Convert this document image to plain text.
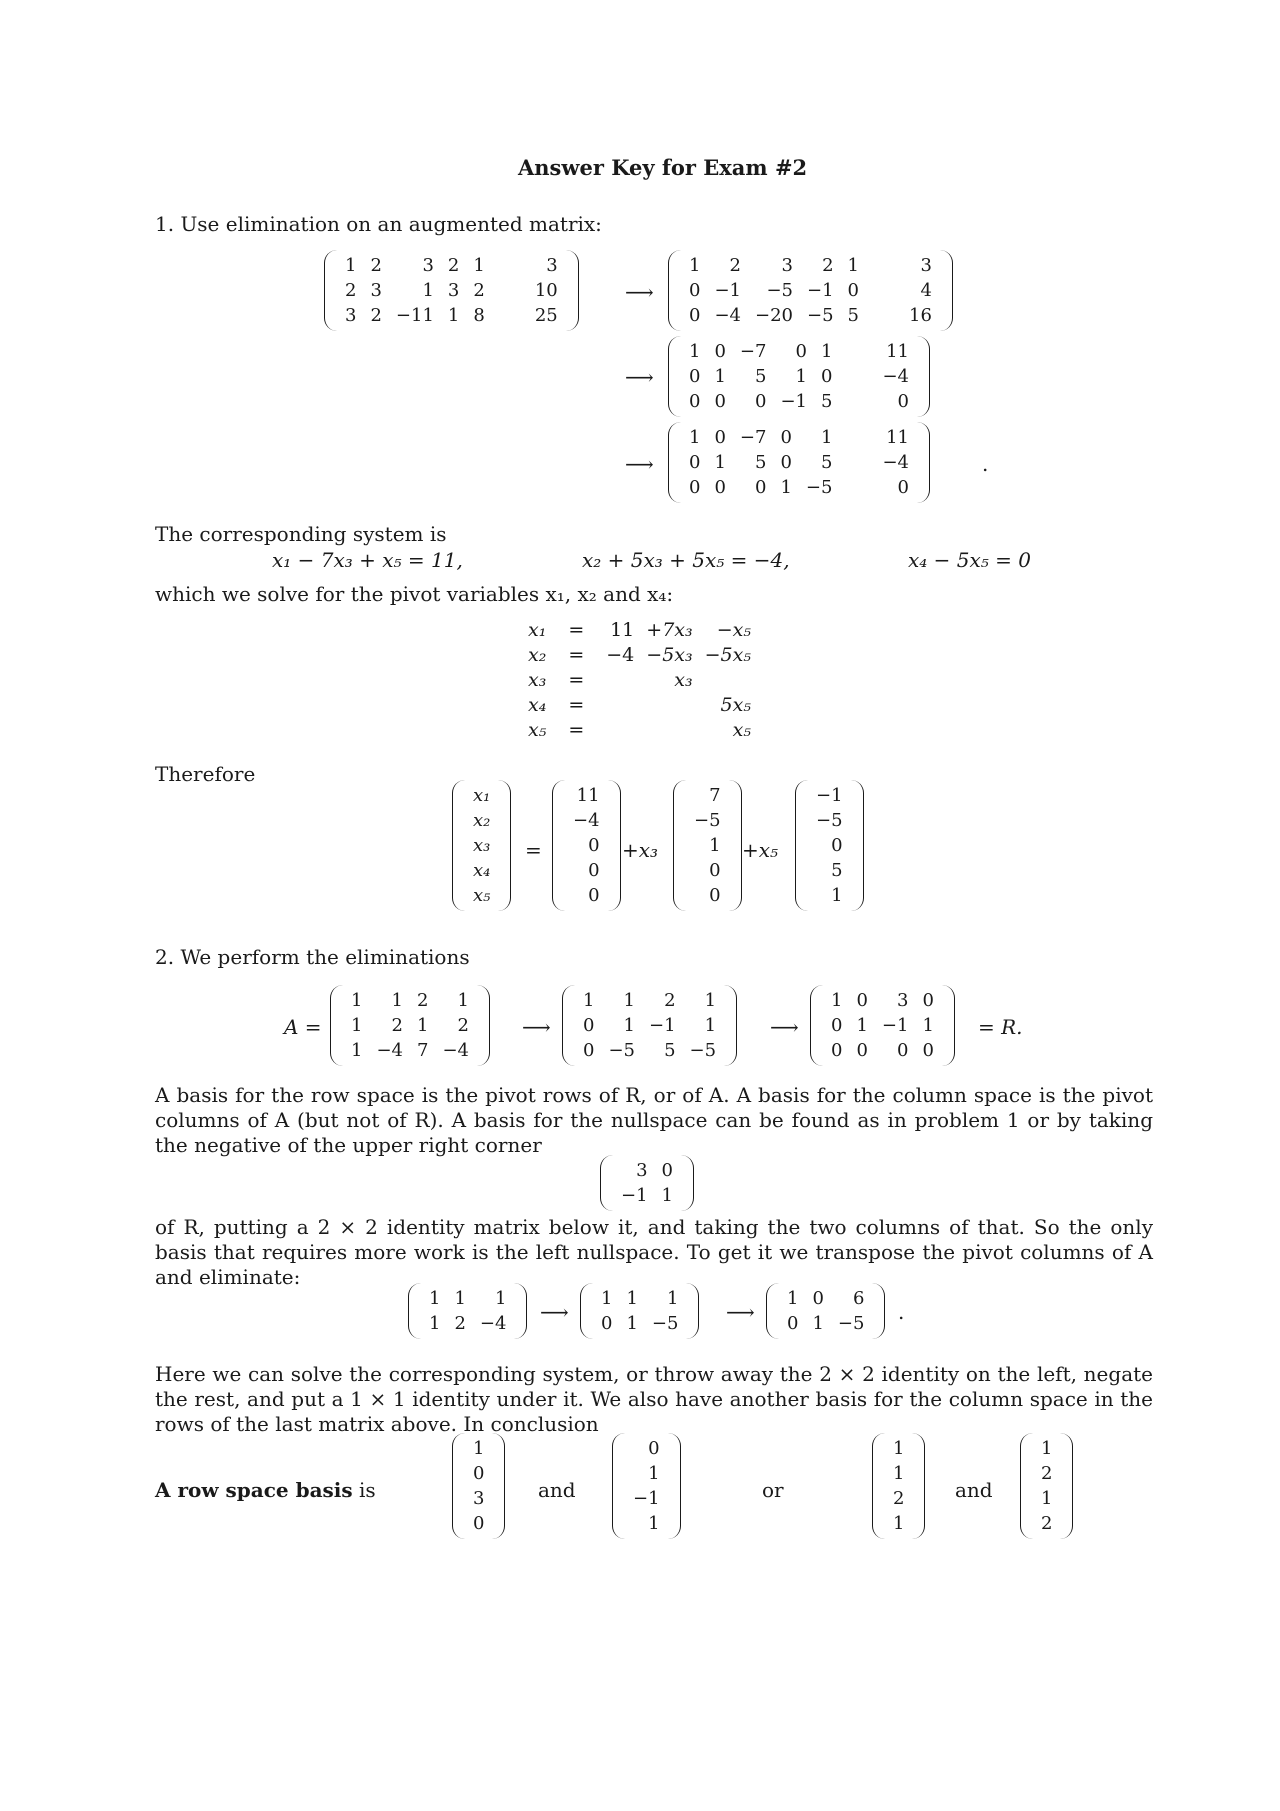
Answer Key for Exam #2
1. Use elimination on an augmented matrix:
1	2	3	2	1		3
2	3	1	3	2		10
3	2	−11	1	8		25
⟶
1	2	3	2	1		3
0	−1	−5	−1	0		4
0	−4	−20	−5	5		16
⟶
1	0	−7	0	1		11
0	1	5	1	0		−4
0	0	0	−1	5		0
⟶
1	0	−7	0	1		11
0	1	5	0	5		−4
0	0	0	1	−5		0
.
The corresponding system is
x₁ − 7x₃ + x₅ = 11,	x₂ + 5x₃ + 5x₅ = −4,	x₄ − 5x₅ = 0
which we solve for the pivot variables x₁, x₂ and x₄:
x₁	=	11	+7x₃	−x₅
x₂	=	−4	−5x₃	−5x₅
x₃	=		x₃	
x₄	=			5x₅
x₅	=			x₅
Therefore
x₁
x₂
x₃
x₄
x₅
=
11
−4
0
0
0
+x₃
7
−5
1
0
0
+x₅
−1
−5
0
5
1
2. We perform the eliminations
A =
1	1	2	1
1	2	1	2
1	−4	7	−4
⟶
1	1	2	1
0	1	−1	1
0	−5	5	−5
⟶
1	0	3	0
0	1	−1	1
0	0	0	0
= R.
A basis for the row space is the pivot rows of R, or of A. A basis for the column space is the pivot columns of A (but not of R). A basis for the nullspace can be found as in problem 1 or by taking the negative of the upper right corner
3	0
−1	1
of R, putting a 2 × 2 identity matrix below it, and taking the two columns of that. So the only basis that requires more work is the left nullspace. To get it we transpose the pivot columns of A and eliminate:
1	1	1
1	2	−4 ⟶
1	1	1
0	1	−5 ⟶
1	0	6
0	1	−5 .
Here we can solve the corresponding system, or throw away the 2 × 2 identity on the left, negate the rest, and put a 1 × 1 identity under it. We also have another basis for the column space in the rows of the last matrix above. In conclusion
A row space basis is
1
0
3
0
and
0
1
−1
1
or
1
1
2
1
and
1
2
1
2
